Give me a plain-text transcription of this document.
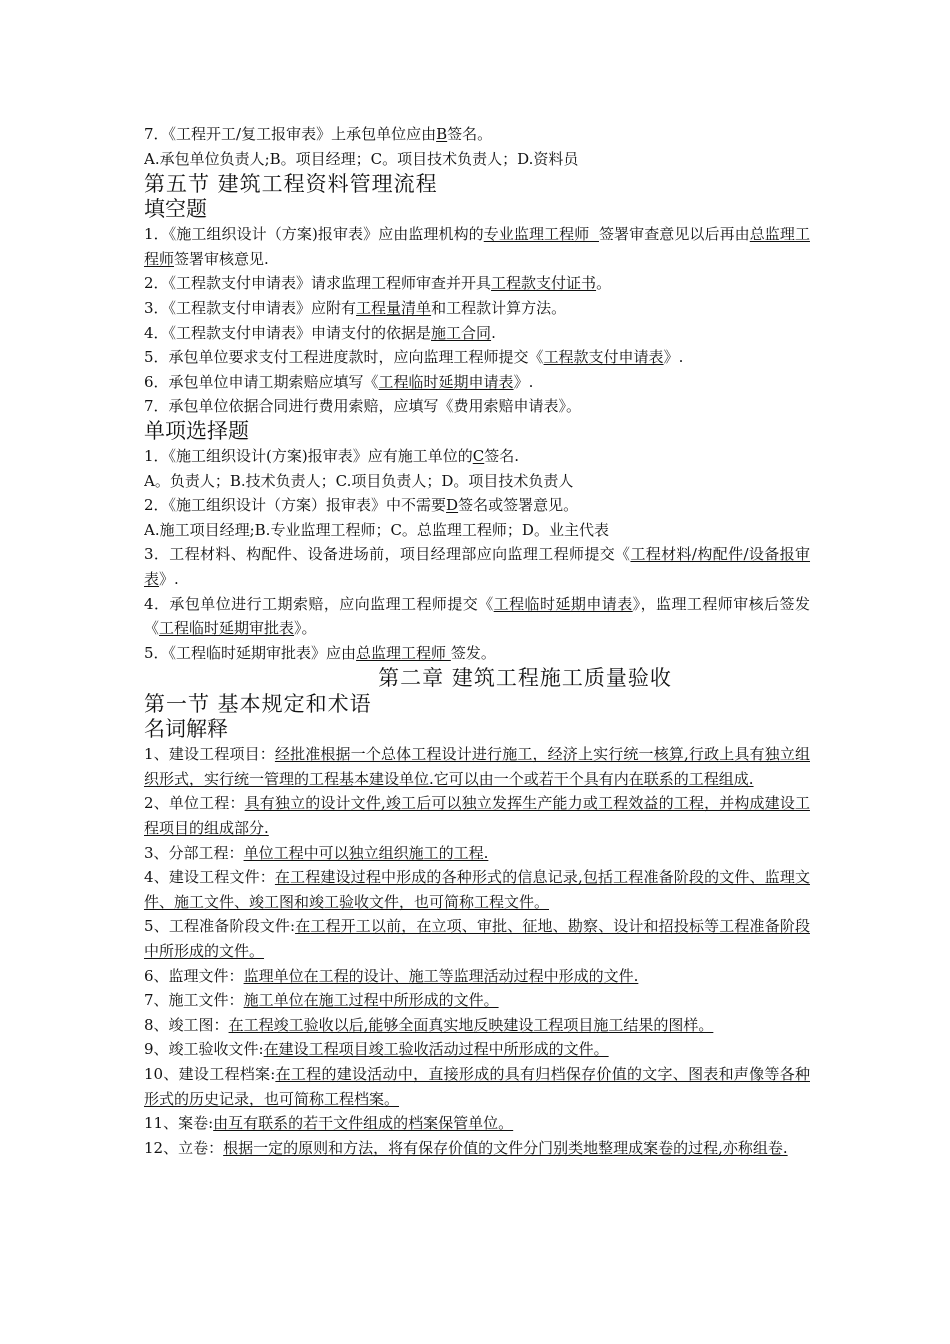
7．《工程开工/复工报审表》上承包单位应由B签名。
A.承包单位负责人;B。项目经理；C。项目技术负责人；D.资料员
第五节 建筑工程资料管理流程
填空题
1．《施工组织设计（方案)报审表》应由监理机构的专业监理工程师  签署审查意见以后再由总监理工程师签署审核意见.
2．《工程款支付申请表》请求监理工程师审查并开具工程款支付证书。
3．《工程款支付申请表》应附有工程量清单和工程款计算方法。
4．《工程款支付申请表》申请支付的依据是施工合同.
5．承包单位要求支付工程进度款时，应向监理工程师提交《工程款支付申请表》.
6．承包单位申请工期索赔应填写《工程临时延期申请表》.
7．承包单位依据合同进行费用索赔，应填写《费用索赔申请表》。
单项选择题
1．《施工组织设计(方案)报审表》应有施工单位的C签名.
A。负责人；B.技术负责人；C.项目负责人；D。项目技术负责人
2．《施工组织设计（方案）报审表》中不需要D签名或签署意见。
A.施工项目经理;B.专业监理工程师；C。总监理工程师；D。业主代表
3．工程材料、构配件、设备进场前，项目经理部应向监理工程师提交《工程材料/构配件/设备报审表》.
4．承包单位进行工期索赔，应向监理工程师提交《工程临时延期申请表》，监理工程师审核后签发《工程临时延期审批表》。
5．《工程临时延期审批表》应由总监理工程师 签发。
第二章 建筑工程施工质量验收
第一节 基本规定和术语
名词解释
1、建设工程项目：经批准根据一个总体工程设计进行施工，经济上实行统一核算,行政上具有独立组织形式，实行统一管理的工程基本建设单位.它可以由一个或若干个具有内在联系的工程组成.
2、单位工程：具有独立的设计文件,竣工后可以独立发挥生产能力或工程效益的工程，并构成建设工程项目的组成部分.
3、分部工程：单位工程中可以独立组织施工的工程.
4、建设工程文件：在工程建设过程中形成的各种形式的信息记录,包括工程准备阶段的文件、监理文件、施工文件、竣工图和竣工验收文件，也可简称工程文件。
5、工程准备阶段文件:在工程开工以前，在立项、审批、征地、勘察、设计和招投标等工程准备阶段中所形成的文件。
6、监理文件：监理单位在工程的设计、施工等监理活动过程中形成的文件.
7、施工文件：施工单位在施工过程中所形成的文件。
8、竣工图：在工程竣工验收以后,能够全面真实地反映建设工程项目施工结果的图样。
9、竣工验收文件:在建设工程项目竣工验收活动过程中所形成的文件。
10、建设工程档案:在工程的建设活动中，直接形成的具有归档保存价值的文字、图表和声像等各种形式的历史记录，也可简称工程档案。
11、案卷:由互有联系的若干文件组成的档案保管单位。
12、立卷：根据一定的原则和方法，将有保存价值的文件分门别类地整理成案卷的过程,亦称组卷.
